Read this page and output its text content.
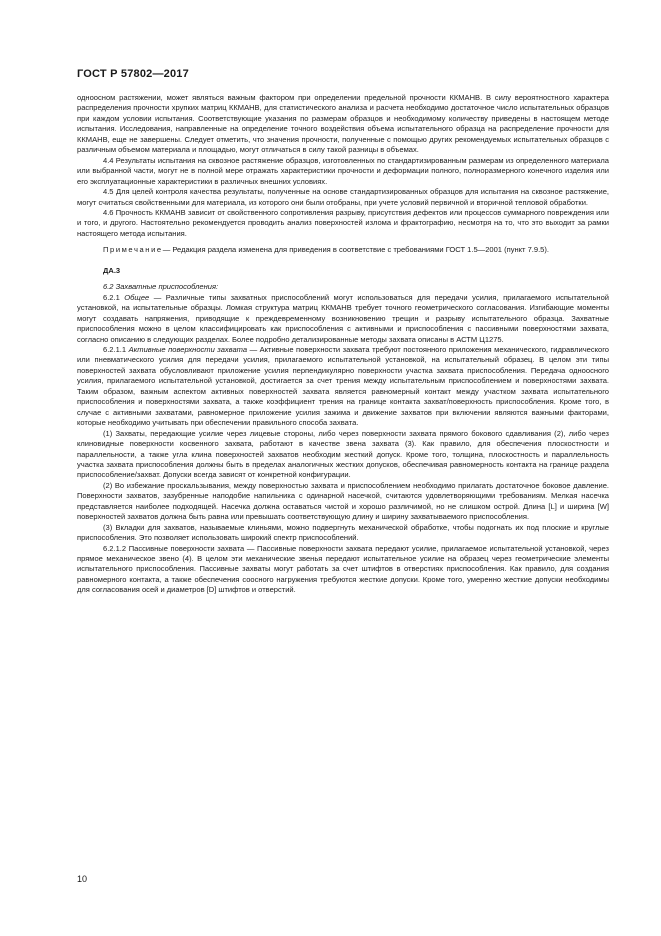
ГОСТ Р 57802—2017

одноосном растяжении, может являться важным фактором при определении предельной прочности ККМАНВ. В силу вероятностного характера распределения прочности хрупких матриц ККМАНВ, для статистического анализа и расчета необходимо достаточное число испытательных образцов при каждом условии испытания. Соответствующие указания по размерам образцов и необходимому количеству приведены в настоящем методе испытания. Исследования, направленные на определение точного воздействия объема испытательного образца на распределение прочности для ККМАНВ, еще не завершены. Следует отметить, что значения прочности, полученные с помощью других рекомендуемых испытательных образцов с различным объемом материала и площадью, могут отличаться в силу такой разницы в объемах.

4.4 Результаты испытания на сквозное растяжение образцов, изготовленных по стандартизированным размерам из определенного материала или выбранной части, могут не в полной мере отражать характеристики прочности и деформации полного, полноразмерного конечного изделия или его эксплуатационные характеристики в различных внешних условиях.

4.5 Для целей контроля качества результаты, полученные на основе стандартизированных образцов для испытания на сквозное растяжение, могут считаться свойственными для материала, из которого они были отобраны, при учете условий первичной и вторичной тепловой обработки.

4.6 Прочность ККМАНВ зависит от свойственного сопротивления разрыву, присутствия дефектов или процессов суммарного повреждения или и того, и другого. Настоятельно рекомендуется проводить анализ поверхностей излома и фрактографию, несмотря на то, что это выходит за рамки настоящего метода испытания.

Примечание— Редакция раздела изменена для приведения в соответствие с требованиями ГОСТ 1.5—2001 (пункт 7.9.5).

ДА.3

6.2 Захватные приспособления:

6.2.1 Общее — Различные типы захватных приспособлений могут использоваться для передачи усилия, прилагаемого испытательной установкой, на испытательные образцы. Ломкая структура матриц ККМАНВ требует точного геометрического согласования. Изгибающие моменты могут создавать напряжения, приводящие к преждевременному возникновению трещин и разрыву испытательного образца. Захватные приспособления можно в целом классифицировать как приспособления с активными и приспособления с пассивными поверхностями захвата, согласно описанию в следующих разделах. Более подробно детализированные методы захвата описаны в АСТМ Ц1275.

6.2.1.1 Активные поверхности захвата — Активные поверхности захвата требуют постоянного приложения механического, гидравлического или пневматического усилия для передачи усилия, прилагаемого испытательной установкой, на испытательный образец. В целом эти типы поверхностей захвата обусловливают приложение усилия перпендикулярно поверхности участка захвата приспособления. Передача одноосного усилия, прилагаемого испытательной установкой, достигается за счет трения между испытательным приспособлением и поверхностями захвата. Таким образом, важным аспектом активных поверхностей захвата является равномерный контакт между участком захвата испытательного приспособления и поверхностями захвата, а также коэффициент трения на границе контакта захват/поверхность приспособления. Кроме того, в случае с активными захватами, равномерное приложение усилия зажима и движение захватов при включении являются важными факторами, которые необходимо учитывать при обеспечении правильного способа захвата.

(1) Захваты, передающие усилие через лицевые стороны, либо через поверхности захвата прямого бокового сдавливания (2), либо через клиновидные поверхности косвенного захвата, работают в качестве звена захвата (3). Как правило, для обеспечения плоскостности и параллельности, а также угла клина поверхностей захватов необходим жесткий допуск. Кроме того, толщина, плоскостность и параллельность участка захвата приспособления должны быть в пределах аналогичных жестких допусков, обеспечивая равномерность контакта на границе раздела приспособление/захват. Допуски всегда зависят от конкретной конфигурации.

(2) Во избежание проскальзывания, между поверхностью захвата и приспособлением необходимо прилагать достаточное боковое давление. Поверхности захватов, зазубренные наподобие напильника с одинарной насечкой, считаются удовлетворяющими требованиям. Мелкая насечка представляется наиболее подходящей. Насечка должна оставаться чистой и хорошо различимой, но не слишком острой. Длина [L] и ширина [W] поверхностей захватов должна быть равна или превышать соответствующую длину и ширину захватываемого приспособления.

(3) Вкладки для захватов, называемые клиньями, можно подвергнуть механической обработке, чтобы подогнать их под плоские и круглые приспособления. Это позволяет использовать широкий спектр приспособлений.

6.2.1.2 Пассивные поверхности захвата — Пассивные поверхности захвата передают усилие, прилагаемое испытательной установкой, через прямое механическое звено (4). В целом эти механические звенья передают испытательное усилие на образец через геометрические элементы испытательного приспособления. Пассивные захваты могут работать за счет штифтов в отверстиях приспособления. Как правило, для создания равномерного контакта, а также обеспечения соосного нагружения требуются жесткие допуски. Кроме того, умеренно жесткие допуски необходимы для согласования осей и диаметров [D] штифтов и отверстий.

10
